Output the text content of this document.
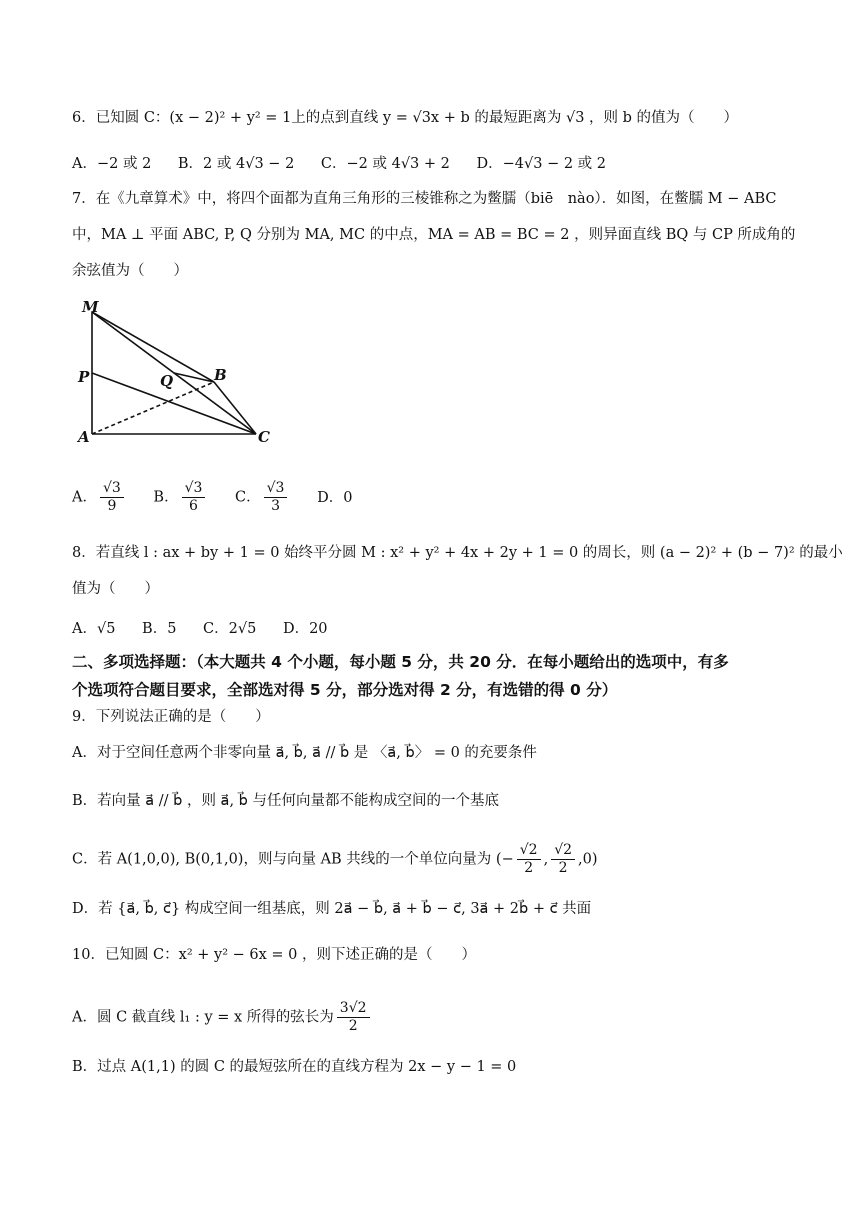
6．已知圆 C：(x − 2)² + y² = 1上的点到直线 y = √3x + b 的最短距离为 √3 ，则 b 的值为（　　）
A．−2 或 2 B．2 或 4√3 − 2 C．−2 或 4√3 + 2 D．−4√3 − 2 或 2
7．在《九章算术》中，将四个面都为直角三角形的三棱锥称之为鳖臑（biē　nào）．如图，在鳖臑 M − ABC
中，MA ⊥ 平面 ABC, P, Q 分别为 MA, MC 的中点，MA = AB = BC = 2 ，则异面直线 BQ 与 CP 所成角的
余弦值为（　　）
M
P	Q	B
A	C
A． $\frac{√3}{9}$ B． $\frac{√3}{6}$ C． $\frac{√3}{3}$ D．0
8．若直线 l : ax + by + 1 = 0 始终平分圆 M : x² + y² + 4x + 2y + 1 = 0 的周长，则 (a − 2)² + (b − 7)² 的最小
值为（　　）
A．√5 B．5 C．2√5 D．20
二、多项选择题：（本大题共 4 个小题，每小题 5 分，共 20 分．在每小题给出的选项中，有多
个选项符合题目要求，全部选对得 5 分，部分选对得 2 分，有选错的得 0 分）
9．下列说法正确的是（　　）
A．对于空间任意两个非零向量 a⃗, b⃗, a⃗ // b⃗ 是 〈a⃗, b⃗〉 = 0 的充要条件
B．若向量 a⃗ // b⃗ ，则 a⃗, b⃗ 与任何向量都不能构成空间的一个基底
C．若 A(1,0,0), B(0,1,0)，则与向量 AB 共线的一个单位向量为 (− $\frac{√2}{2}$ , $\frac{√2}{2} ,0$)
D．若 {a⃗, b⃗, c⃗} 构成空间一组基底，则 2a⃗ − b⃗, a⃗ + b⃗ − c⃗, 3a⃗ + 2b⃗ + c⃗ 共面
10．已知圆 C：x² + y² − 6x = 0 ，则下述正确的是（　　）
A．圆 C 截直线 l₁ : y = x 所得的弦长为 $\frac{3√2}{2}$
B．过点 A(1,1) 的圆 C 的最短弦所在的直线方程为 2x − y − 1 = 0
